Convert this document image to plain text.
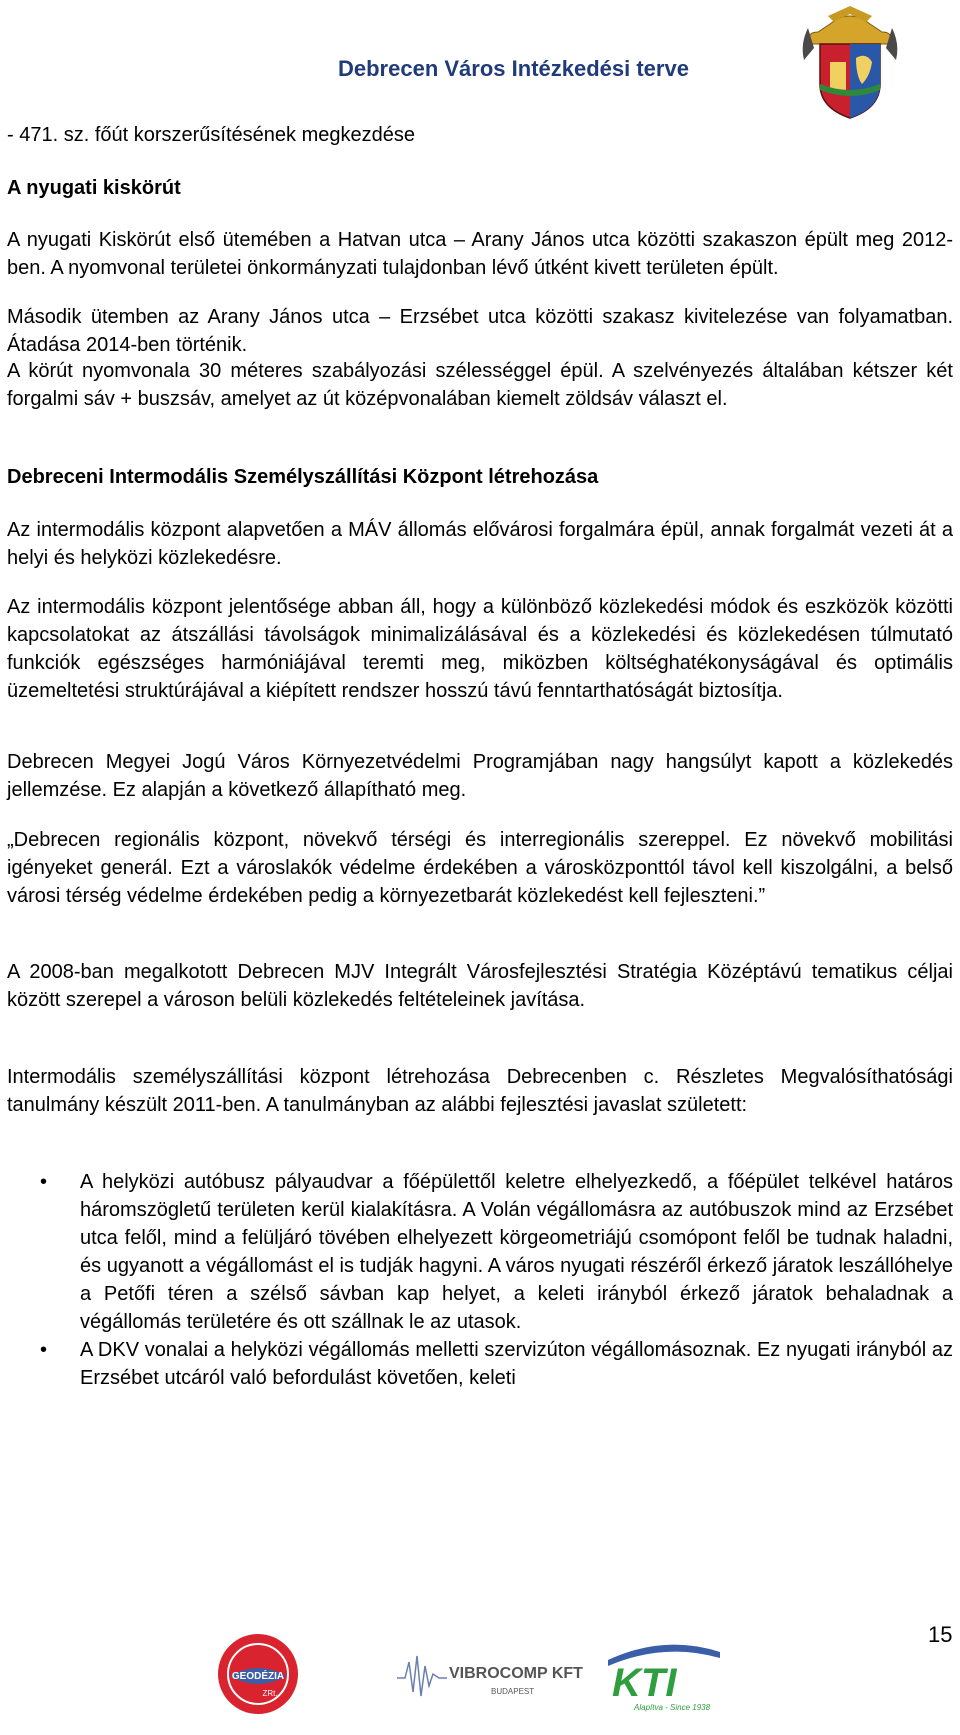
Debrecen Város Intézkedési terve

- 471. sz. főút korszerűsítésének megkezdése

A nyugati kiskörút

A nyugati Kiskörút első ütemében a Hatvan utca – Arany János utca közötti szakaszon épült meg 2012-ben. A nyomvonal területei önkormányzati tulajdonban lévő útként kivett területen épült.

Második ütemben az Arany János utca – Erzsébet utca közötti szakasz kivitelezése van folyamatban. Átadása 2014-ben történik.

A körút nyomvonala 30 méteres szabályozási szélességgel épül. A szelvényezés általában kétszer két forgalmi sáv + buszsáv, amelyet az út középvonalában kiemelt zöldsáv választ el.

Debreceni Intermodális Személyszállítási Központ létrehozása

Az intermodális központ alapvetően a MÁV állomás elővárosi forgalmára épül, annak forgalmát vezeti át a helyi és helyközi közlekedésre.

Az intermodális központ jelentősége abban áll, hogy a különböző közlekedési módok és eszközök közötti kapcsolatokat az átszállási távolságok minimalizálásával és a közlekedési és közlekedésen túlmutató funkciók egészséges harmóniájával teremti meg, miközben költséghatékonyságával és optimális üzemeltetési struktúrájával a kiépített rendszer hosszú távú fenntarthatóságát biztosítja.

Debrecen Megyei Jogú Város Környezetvédelmi Programjában nagy hangsúlyt kapott a közlekedés jellemzése. Ez alapján a következő állapítható meg.

„Debrecen regionális központ, növekvő térségi és interregionális szereppel. Ez növekvő mobilitási igényeket generál. Ezt a városlakók védelme érdekében a városközponttól távol kell kiszolgálni, a belső városi térség védelme érdekében pedig a környezetbarát közlekedést kell fejleszteni.”

A 2008-ban megalkotott Debrecen MJV Integrált Városfejlesztési Stratégia Középtávú tematikus céljai között szerepel a városon belüli közlekedés feltételeinek javítása.

Intermodális személyszállítási központ létrehozása Debrecenben c. Részletes Megvalósíthatósági tanulmány készült 2011-ben. A tanulmányban az alábbi fejlesztési javaslat született:

• A helyközi autóbusz pályaudvar a főépülettől keletre elhelyezkedő, a főépület telkével határos háromszögletű területen kerül kialakításra. A Volán végállomásra az autóbuszok mind az Erzsébet utca felől, mind a felüljáró tövében elhelyezett körgeometriájú csomópont felől be tudnak haladni, és ugyanott a végállomást el is tudják hagyni. A város nyugati részéről érkező járatok leszállóhelye a Petőfi téren a szélső sávban kap helyet, a keleti irányból érkező járatok behaladnak a végállomás területére és ott szállnak le az utasok.
• A DKV vonalai a helyközi végállomás melletti szervizúton végállomásoznak. Ez nyugati irányból az Erzsébet utcáról való befordulást követően, keleti
15
GEODÉZIA
ZRt.
VIBROCOMP KFT
BUDAPEST KTI
Alapítva - Since 1938
